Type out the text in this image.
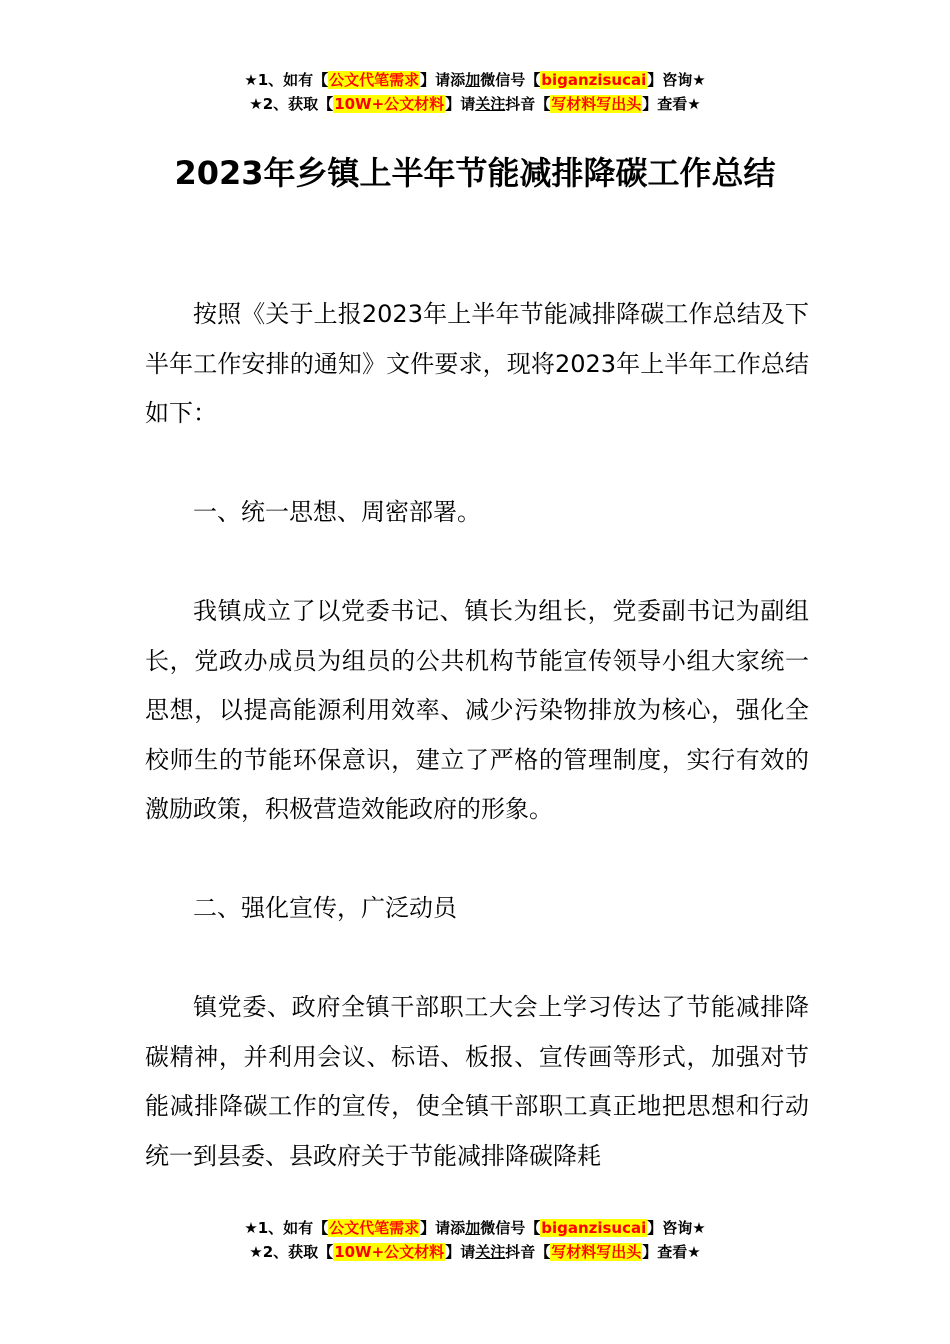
★1、如有【公文代笔需求】请添加微信号【biganzisucai】咨询★
★2、获取【10W+公文材料】请关注抖音【写材料写出头】查看★
2023年乡镇上半年节能减排降碳工作总结

按照《关于上报2023年上半年节能减排降碳工作总结及下半年工作安排的通知》文件要求，现将2023年上半年工作总结如下：

一、统一思想、周密部署。

我镇成立了以党委书记、镇长为组长，党委副书记为副组长，党政办成员为组员的公共机构节能宣传领导小组大家统一思想，以提高能源利用效率、减少污染物排放为核心，强化全校师生的节能环保意识，建立了严格的管理制度，实行有效的激励政策，积极营造效能政府的形象。

二、强化宣传，广泛动员

镇党委、政府全镇干部职工大会上学习传达了节能减排降碳精神，并利用会议、标语、板报、宣传画等形式，加强对节能减排降碳工作的宣传，使全镇干部职工真正地把思想和行动统一到县委、县政府关于节能减排降碳降耗

★1、如有【公文代笔需求】请添加微信号【biganzisucai】咨询★
★2、获取【10W+公文材料】请关注抖音【写材料写出头】查看★
